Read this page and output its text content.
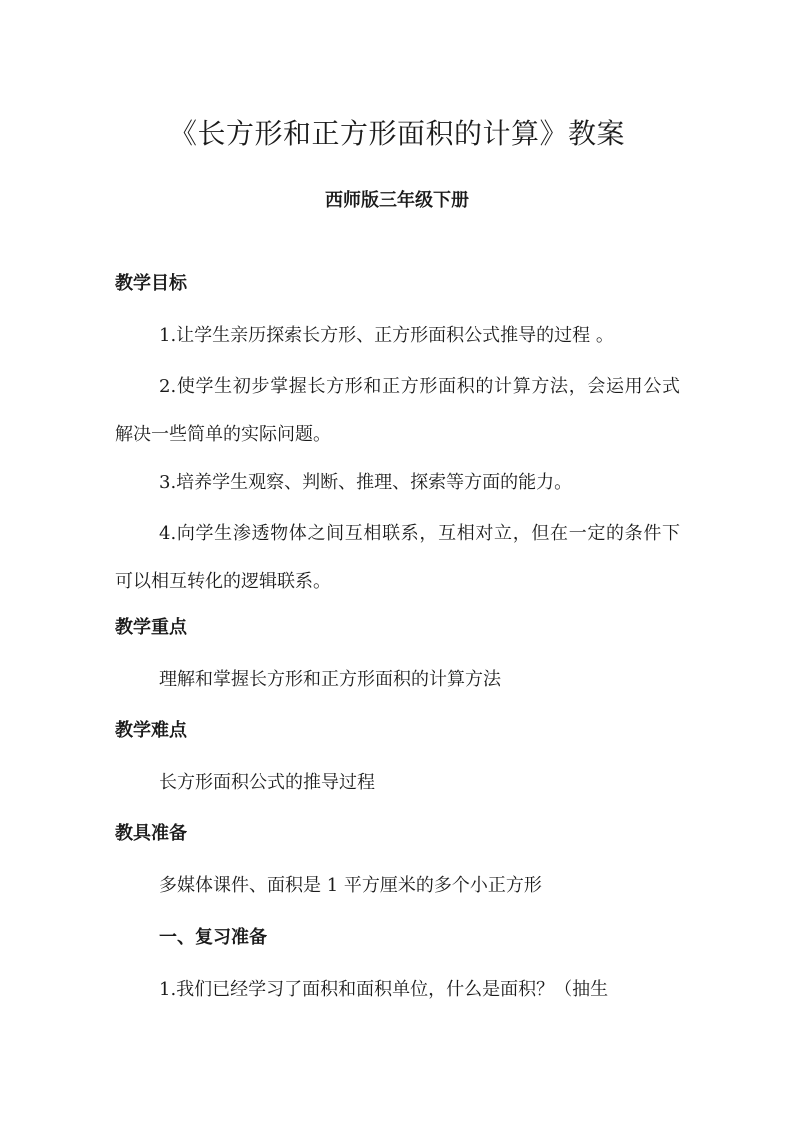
《长方形和正方形面积的计算》教案

西师版三年级下册

教学目标

1.让学生亲历探索长方形、正方形面积公式推导的过程 。

2.使学生初步掌握长方形和正方形面积的计算方法，会运用公式解决一些简单的实际问题。

3.培养学生观察、判断、推理、探索等方面的能力。

4.向学生渗透物体之间互相联系，互相对立，但在一定的条件下可以相互转化的逻辑联系。

教学重点

理解和掌握长方形和正方形面积的计算方法

教学难点

长方形面积公式的推导过程

教具准备

多媒体课件、面积是 1 平方厘米的多个小正方形

一、复习准备

1.我们已经学习了面积和面积单位，什么是面积？（抽生
